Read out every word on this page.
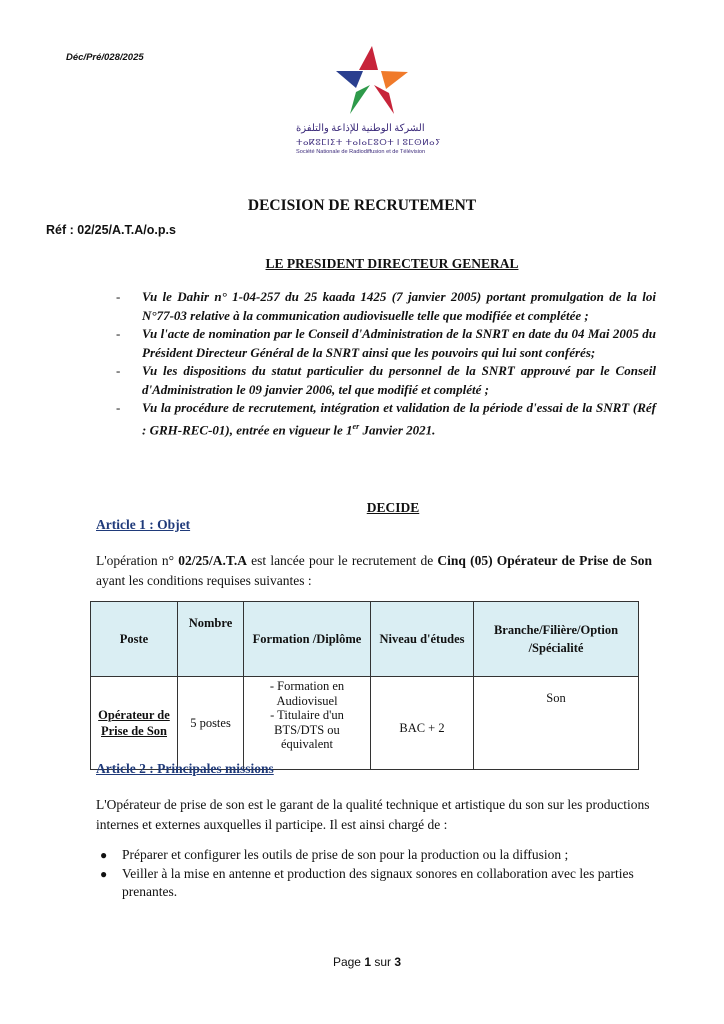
Déc/Pré/028/2025
الشركة الوطنية للإذاعة والتلفزة
ⵜⴰⴽⵓⵎⵏⵉⵜ ⵜⴰⵏⴰⵎⵓⵔⵜ ⵏ ⵓⵎⵙⵍⴰⵢ
Société Nationale de Radiodiffusion et de Télévision
DECISION DE RECRUTEMENT
Réf : 02/25/A.T.A/o.p.s
LE PRESIDENT DIRECTEUR GENERAL
- Vu le Dahir n° 1-04-257 du 25 kaada 1425 (7 janvier 2005) portant promulgation de la loi N°77-03 relative à la communication audiovisuelle telle que modifiée et complétée ;
- Vu l'acte de nomination par le Conseil d'Administration de la SNRT en date du 04 Mai 2005 du Président Directeur Général de la SNRT ainsi que les pouvoirs qui lui sont conférés;
- Vu les dispositions du statut particulier du personnel de la SNRT approuvé par le Conseil d'Administration le 09 janvier 2006, tel que modifié et complété ;
- Vu la procédure de recrutement, intégration et validation de la période d'essai de la SNRT (Réf : GRH-REC-01), entrée en vigueur le 1er Janvier 2021.
DECIDE
Article 1 : Objet
L'opération n° 02/25/A.T.A est lancée pour le recrutement de Cinq (05) Opérateur de Prise de Son ayant les conditions requises suivantes :
Poste	Nombre	Formation /Diplôme	Niveau d'études	Branche/Filière/Option /Spécialité
Opérateur de Prise de Son	5 postes	- Formation en Audiovisuel
- Titulaire d'un BTS/DTS ou équivalent	BAC + 2	Son
Article 2 : Principales missions
L'Opérateur de prise de son est le garant de la qualité technique et artistique du son sur les productions internes et externes auxquelles il participe. Il est ainsi chargé de :
● Préparer et configurer les outils de prise de son pour la production ou la diffusion ;
● Veiller à la mise en antenne et production des signaux sonores en collaboration avec les parties prenantes.
Page 1 sur 3
